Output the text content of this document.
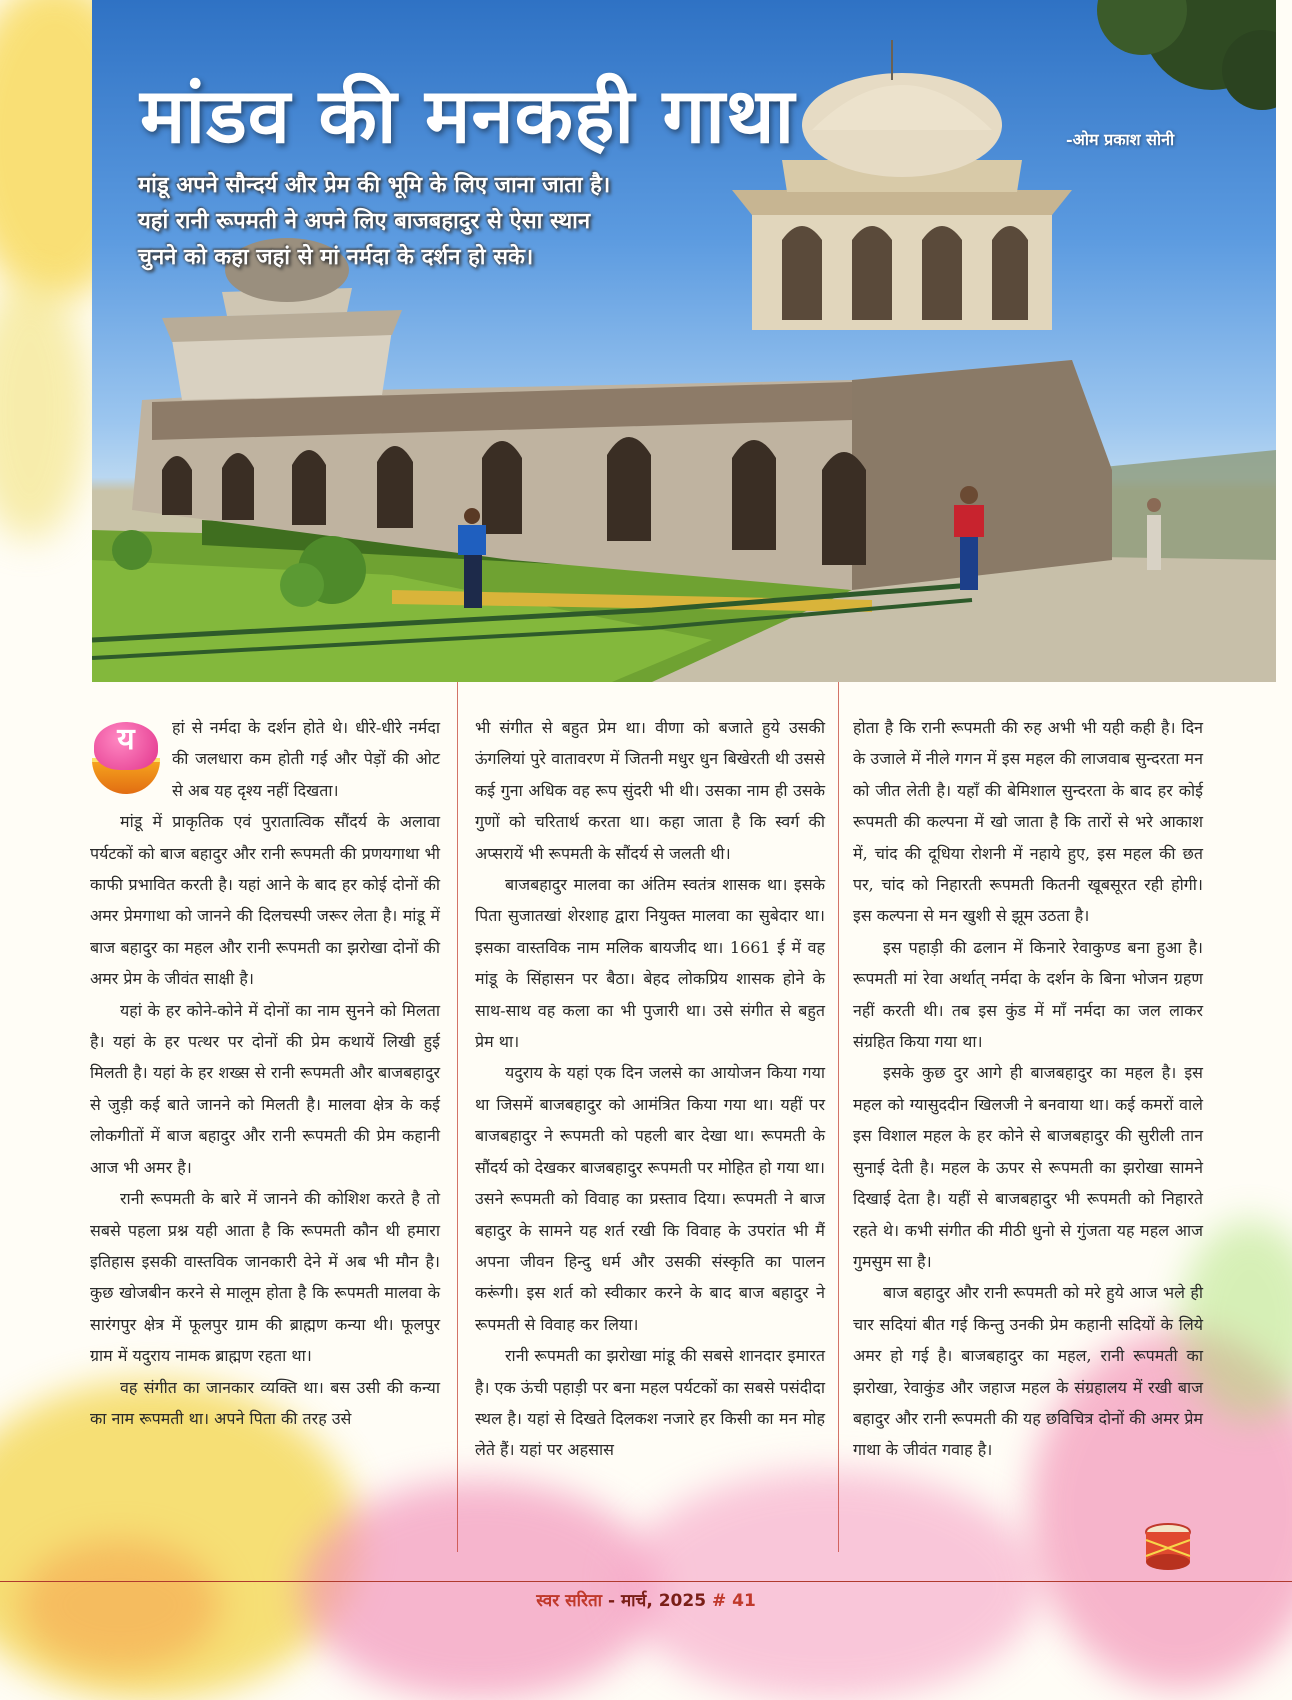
मांडव की मनकही गाथा	-ओम प्रकाश सोनी
मांडू अपने सौन्दर्य और प्रेम की भूमि के लिए जाना जाता है।
यहां रानी रूपमती ने अपने लिए बाजबहादुर से ऐसा स्थान
चुनने को कहा जहां से मां नर्मदा के दर्शन हो सके।
य	हां से नर्मदा के दर्शन होते थे। धीरे-धीरे नर्मदा की जलधारा कम होती गई और पेड़ों की ओट से अब यह दृश्य नहीं दिखता।

मांडू में प्राकृतिक एवं पुरातात्विक सौंदर्य के अलावा पर्यटकों को बाज बहादुर और रानी रूपमती की प्रणयगाथा भी काफी प्रभावित करती है। यहां आने के बाद हर कोई दोनों की अमर प्रेमगाथा को जानने की दिलचस्पी जरूर लेता है। मांडू में बाज बहादुर का महल और रानी रूपमती का झरोखा दोनों की अमर प्रेम के जीवंत साक्षी है।

यहां के हर कोने-कोने में दोनों का नाम सुनने को मिलता है। यहां के हर पत्थर पर दोनों की प्रेम कथायें लिखी हुई मिलती है। यहां के हर शख्स से रानी रूपमती और बाजबहादुर से जुड़ी कई बाते जानने को मिलती है। मालवा क्षेत्र के कई लोकगीतों में बाज बहादुर और रानी रूपमती की प्रेम कहानी आज भी अमर है।

रानी रूपमती के बारे में जानने की कोशिश करते है तो सबसे पहला प्रश्न यही आता है कि रूपमती कौन थी हमारा इतिहास इसकी वास्तविक जानकारी देने में अब भी मौन है। कुछ खोजबीन करने से मालूम होता है कि रूपमती मालवा के सारंगपुर क्षेत्र में फूलपुर ग्राम की ब्राह्मण कन्या थी। फूलपुर ग्राम में यदुराय नामक ब्राह्मण रहता था।

वह संगीत का जानकार व्यक्ति था। बस उसी की कन्या का नाम रूपमती था। अपने पिता की तरह उसे

भी संगीत से बहुत प्रेम था। वीणा को बजाते हुये उसकी ऊंगलियां पुरे वातावरण में जितनी मधुर धुन बिखेरती थी उससे कई गुना अधिक वह रूप सुंदरी भी थी। उसका नाम ही उसके गुणों को चरितार्थ करता था। कहा जाता है कि स्वर्ग की अप्सरायें भी रूपमती के सौंदर्य से जलती थी।

बाजबहादुर मालवा का अंतिम स्वतंत्र शासक था। इसके पिता सुजातखां शेरशाह द्वारा नियुक्त मालवा का सुबेदार था। इसका वास्तविक नाम मलिक बायजीद था। 1661 ई में वह मांडू के सिंहासन पर बैठा। बेहद लोकप्रिय शासक होने के साथ-साथ वह कला का भी पुजारी था। उसे संगीत से बहुत प्रेम था।

यदुराय के यहां एक दिन जलसे का आयोजन किया गया था जिसमें बाजबहादुर को आमंत्रित किया गया था। यहीं पर बाजबहादुर ने रूपमती को पहली बार देखा था। रूपमती के सौंदर्य को देखकर बाजबहादुर रूपमती पर मोहित हो गया था। उसने रूपमती को विवाह का प्रस्ताव दिया। रूपमती ने बाज बहादुर के सामने यह शर्त रखी कि विवाह के उपरांत भी मैं अपना जीवन हिन्दु धर्म और उसकी संस्कृति का पालन करूंगी। इस शर्त को स्वीकार करने के बाद बाज बहादुर ने रूपमती से विवाह कर लिया।

रानी रूपमती का झरोखा मांडू की सबसे शानदार इमारत है। एक ऊंची पहाड़ी पर बना महल पर्यटकों का सबसे पसंदीदा स्थल है। यहां से दिखते दिलकश नजारे हर किसी का मन मोह लेते हैं। यहां पर अहसास

होता है कि रानी रूपमती की रुह अभी भी यही कही है। दिन के उजाले में नीले गगन में इस महल की लाजवाब सुन्दरता मन को जीत लेती है। यहाँ की बेमिशाल सुन्दरता के बाद हर कोई रूपमती की कल्पना में खो जाता है कि तारों से भरे आकाश में, चांद की दूधिया रोशनी में नहाये हुए, इस महल की छत पर, चांद को निहारती रूपमती कितनी खूबसूरत रही होगी। इस कल्पना से मन खुशी से झूम उठता है।

इस पहाड़ी की ढलान में किनारे रेवाकुण्ड बना हुआ है। रूपमती मां रेवा अर्थात् नर्मदा के दर्शन के बिना भोजन ग्रहण नहीं करती थी। तब इस कुंड में माँ नर्मदा का जल लाकर संग्रहित किया गया था।

इसके कुछ दुर आगे ही बाजबहादुर का महल है। इस महल को ग्यासुददीन खिलजी ने बनवाया था। कई कमरों वाले इस विशाल महल के हर कोने से बाजबहादुर की सुरीली तान सुनाई देती है। महल के ऊपर से रूपमती का झरोखा सामने दिखाई देता है। यहीं से बाजबहादुर भी रूपमती को निहारते रहते थे। कभी संगीत की मीठी धुनो से गुंजता यह महल आज गुमसुम सा है।

बाज बहादुर और रानी रूपमती को मरे हुये आज भले ही चार सदियां बीत गई किन्तु उनकी प्रेम कहानी सदियों के लिये अमर हो गई है। बाजबहादुर का महल, रानी रूपमती का झरोखा, रेवाकुंड और जहाज महल के संग्रहालय में रखी बाज बहादुर और रानी रूपमती की यह छविचित्र दोनों की अमर प्रेम गाथा के जीवंत गवाह है।

स्वर सरिता - मार्च, 2025 # 41
